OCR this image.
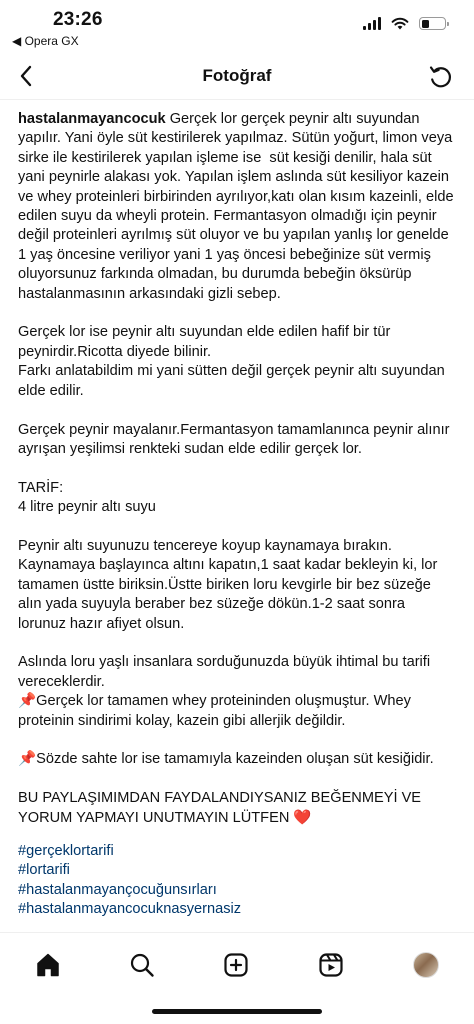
23:26
◀ Opera GX
Fotoğraf
hastalanmayancocuk Gerçek lor gerçek peynir altı suyundan yapılır. Yani öyle süt kestirilerek yapılmaz. Sütün yoğurt, limon veya sirke ile kestirilerek yapılan işleme ise  süt kesiği denilir, hala süt yani peynirle alakası yok. Yapılan işlem aslında süt kesiliyor kazein ve whey proteinleri birbirinden ayrılıyor,katı olan kısım kazeinli, elde edilen suyu da wheyli protein. Fermantasyon olmadığı için peynir değil proteinleri ayrılmış süt oluyor ve bu yapılan yanlış lor genelde 1 yaş öncesine veriliyor yani 1 yaş öncesi bebeğinize süt vermiş oluyorsunuz farkında olmadan, bu durumda bebeğin öksürüp hastalanmasının arkasındaki gizli sebep.

Gerçek lor ise peynir altı suyundan elde edilen hafif bir tür peynirdir.Ricotta diyede bilinir.
Farkı anlatabildim mi yani sütten değil gerçek peynir altı suyundan elde edilir.

Gerçek peynir mayalanır.Fermantasyon tamamlanınca peynir alınır ayrışan yeşilimsi renkteki sudan elde edilir gerçek lor.

TARİF:
4 litre peynir altı suyu

Peynir altı suyunuzu tencereye koyup kaynamaya bırakın. Kaynamaya başlayınca altını kapatın,1 saat kadar bekleyin ki, lor tamamen üstte biriksin.Üstte biriken loru kevgirle bir bez süzeğe alın yada suyuyla beraber bez süzeğe dökün.1-2 saat sonra lorunuz hazır afiyet olsun.

Aslında loru yaşlı insanlara sorduğunuzda büyük ihtimal bu tarifi vereceklerdir.
📌Gerçek lor tamamen whey proteininden oluşmuştur. Whey proteinin sindirimi kolay, kazein gibi allerjik değildir.

📌Sözde sahte lor ise tamamıyla kazeinden oluşan süt kesiğidir.

BU PAYLAŞIMIMDAN FAYDALANDIYSANIZ BEĞENMEYİ VE YORUM YAPMAYI UNUTMAYIN LÜTFEN ❤️
#gerçeklortarifi
#lortarifi
#hastalanmayançocuğunsırları
#hastalanmayancocuknasyernasiz
